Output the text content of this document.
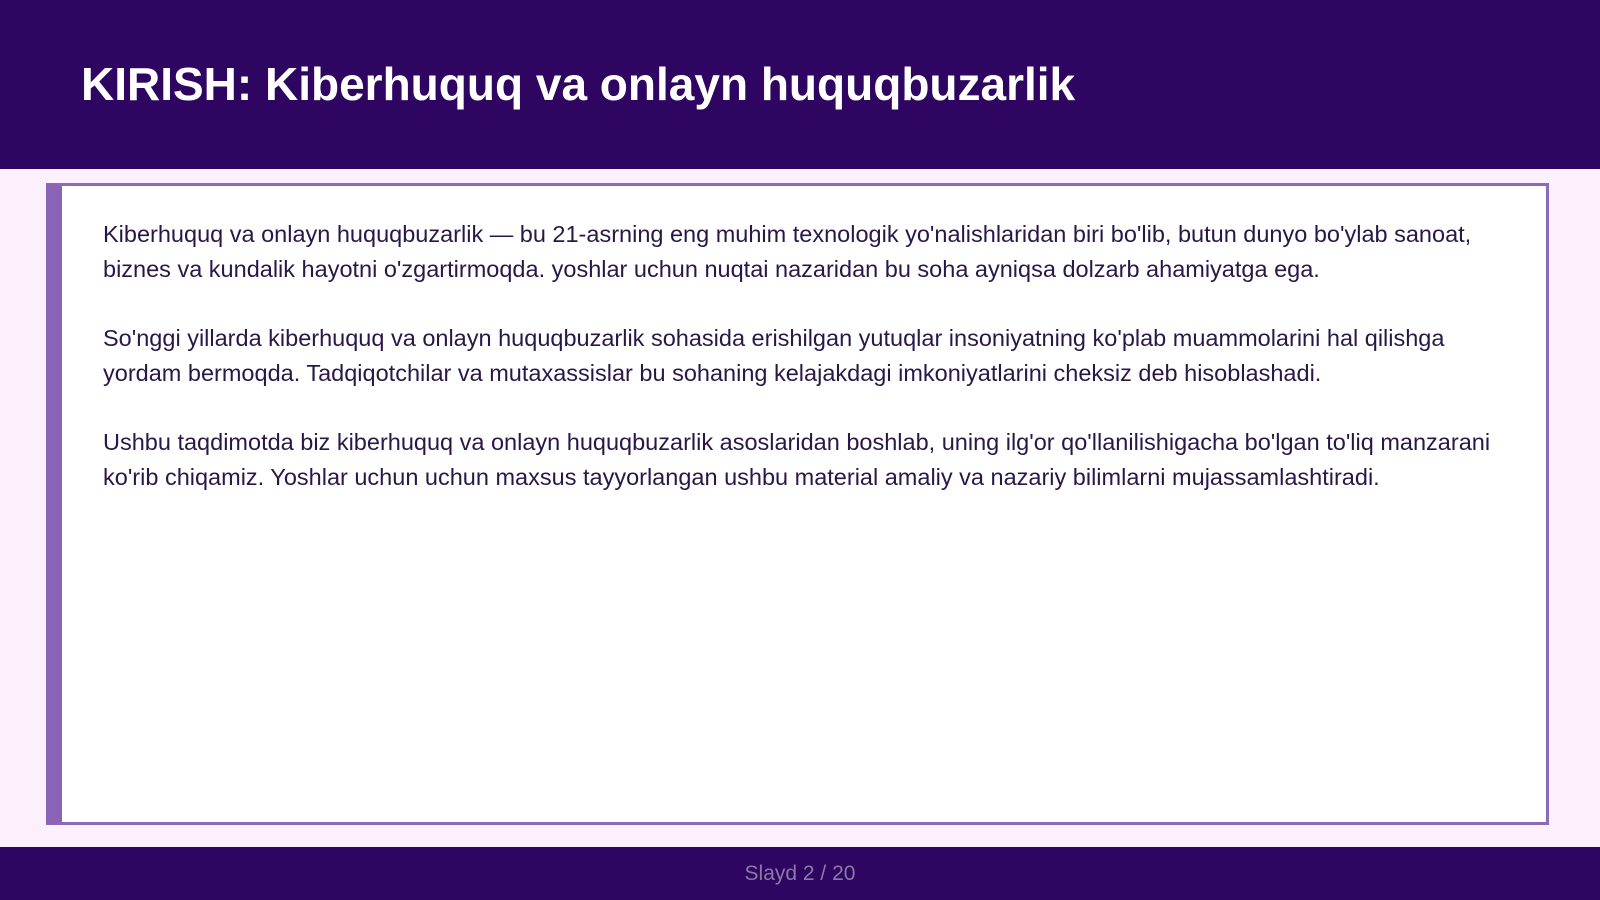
KIRISH: Kiberhuquq va onlayn huquqbuzarlik

Kiberhuquq va onlayn huquqbuzarlik — bu 21-asrning eng muhim texnologik yo'nalishlaridan biri bo'lib, butun dunyo bo'ylab sanoat, biznes va kundalik hayotni o'zgartirmoqda. yoshlar uchun nuqtai nazaridan bu soha ayniqsa dolzarb ahamiyatga ega.

So'nggi yillarda kiberhuquq va onlayn huquqbuzarlik sohasida erishilgan yutuqlar insoniyatning ko'plab muammolarini hal qilishga yordam bermoqda. Tadqiqotchilar va mutaxassislar bu sohaning kelajakdagi imkoniyatlarini cheksiz deb hisoblashadi.

Ushbu taqdimotda biz kiberhuquq va onlayn huquqbuzarlik asoslaridan boshlab, uning ilg'or qo'llanilishigacha bo'lgan to'liq manzarani ko'rib chiqamiz. Yoshlar uchun uchun maxsus tayyorlangan ushbu material amaliy va nazariy bilimlarni mujassamlashtiradi.

Slayd 2 / 20
